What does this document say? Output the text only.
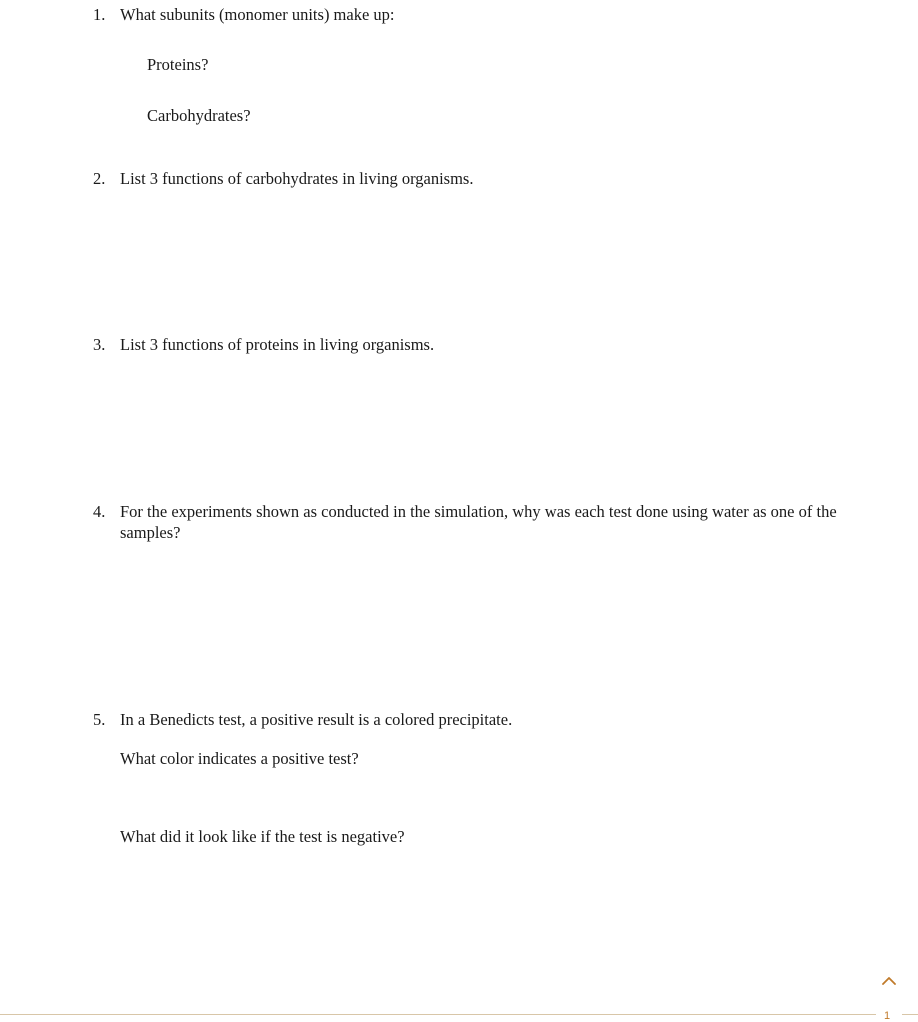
1. What subunits (monomer units) make up:
Proteins?
Carbohydrates?
2. List 3 functions of carbohydrates in living organisms.
3. List 3 functions of proteins in living organisms.
4. For the experiments shown as conducted in the simulation, why was each test done using water as one of the samples?
5. In a Benedicts test, a positive result is a colored precipitate.
What color indicates a positive test?
What did it look like if the test is negative?
1
